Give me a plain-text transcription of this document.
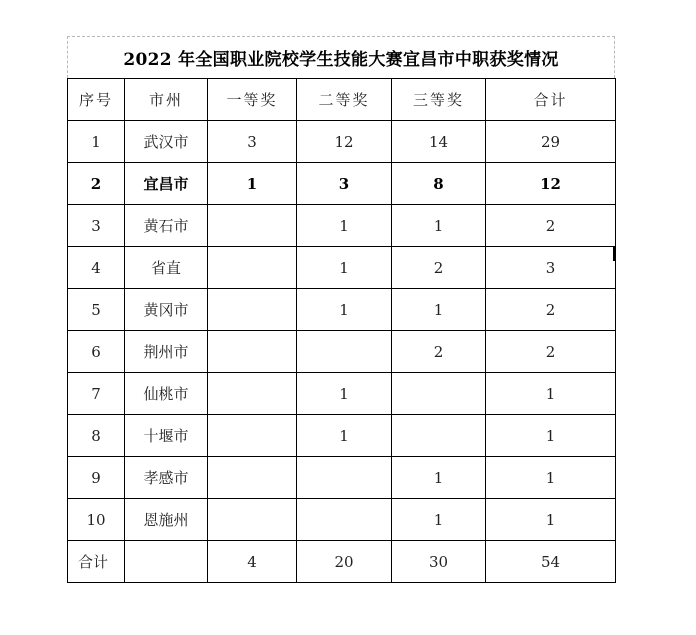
2022 年全国职业院校学生技能大赛宜昌市中职获奖情况
序号	市州	一等奖	二等奖	三等奖	合计
1	武汉市	3	12	14	29
2	宜昌市	1	3	8	12
3	黄石市		1	1	2
4	省直		1	2	3
5	黄冈市		1	1	2
6	荆州市			2	2
7	仙桃市		1		1
8	十堰市		1		1
9	孝感市			1	1
10	恩施州			1	1
合计		4	20	30	54
